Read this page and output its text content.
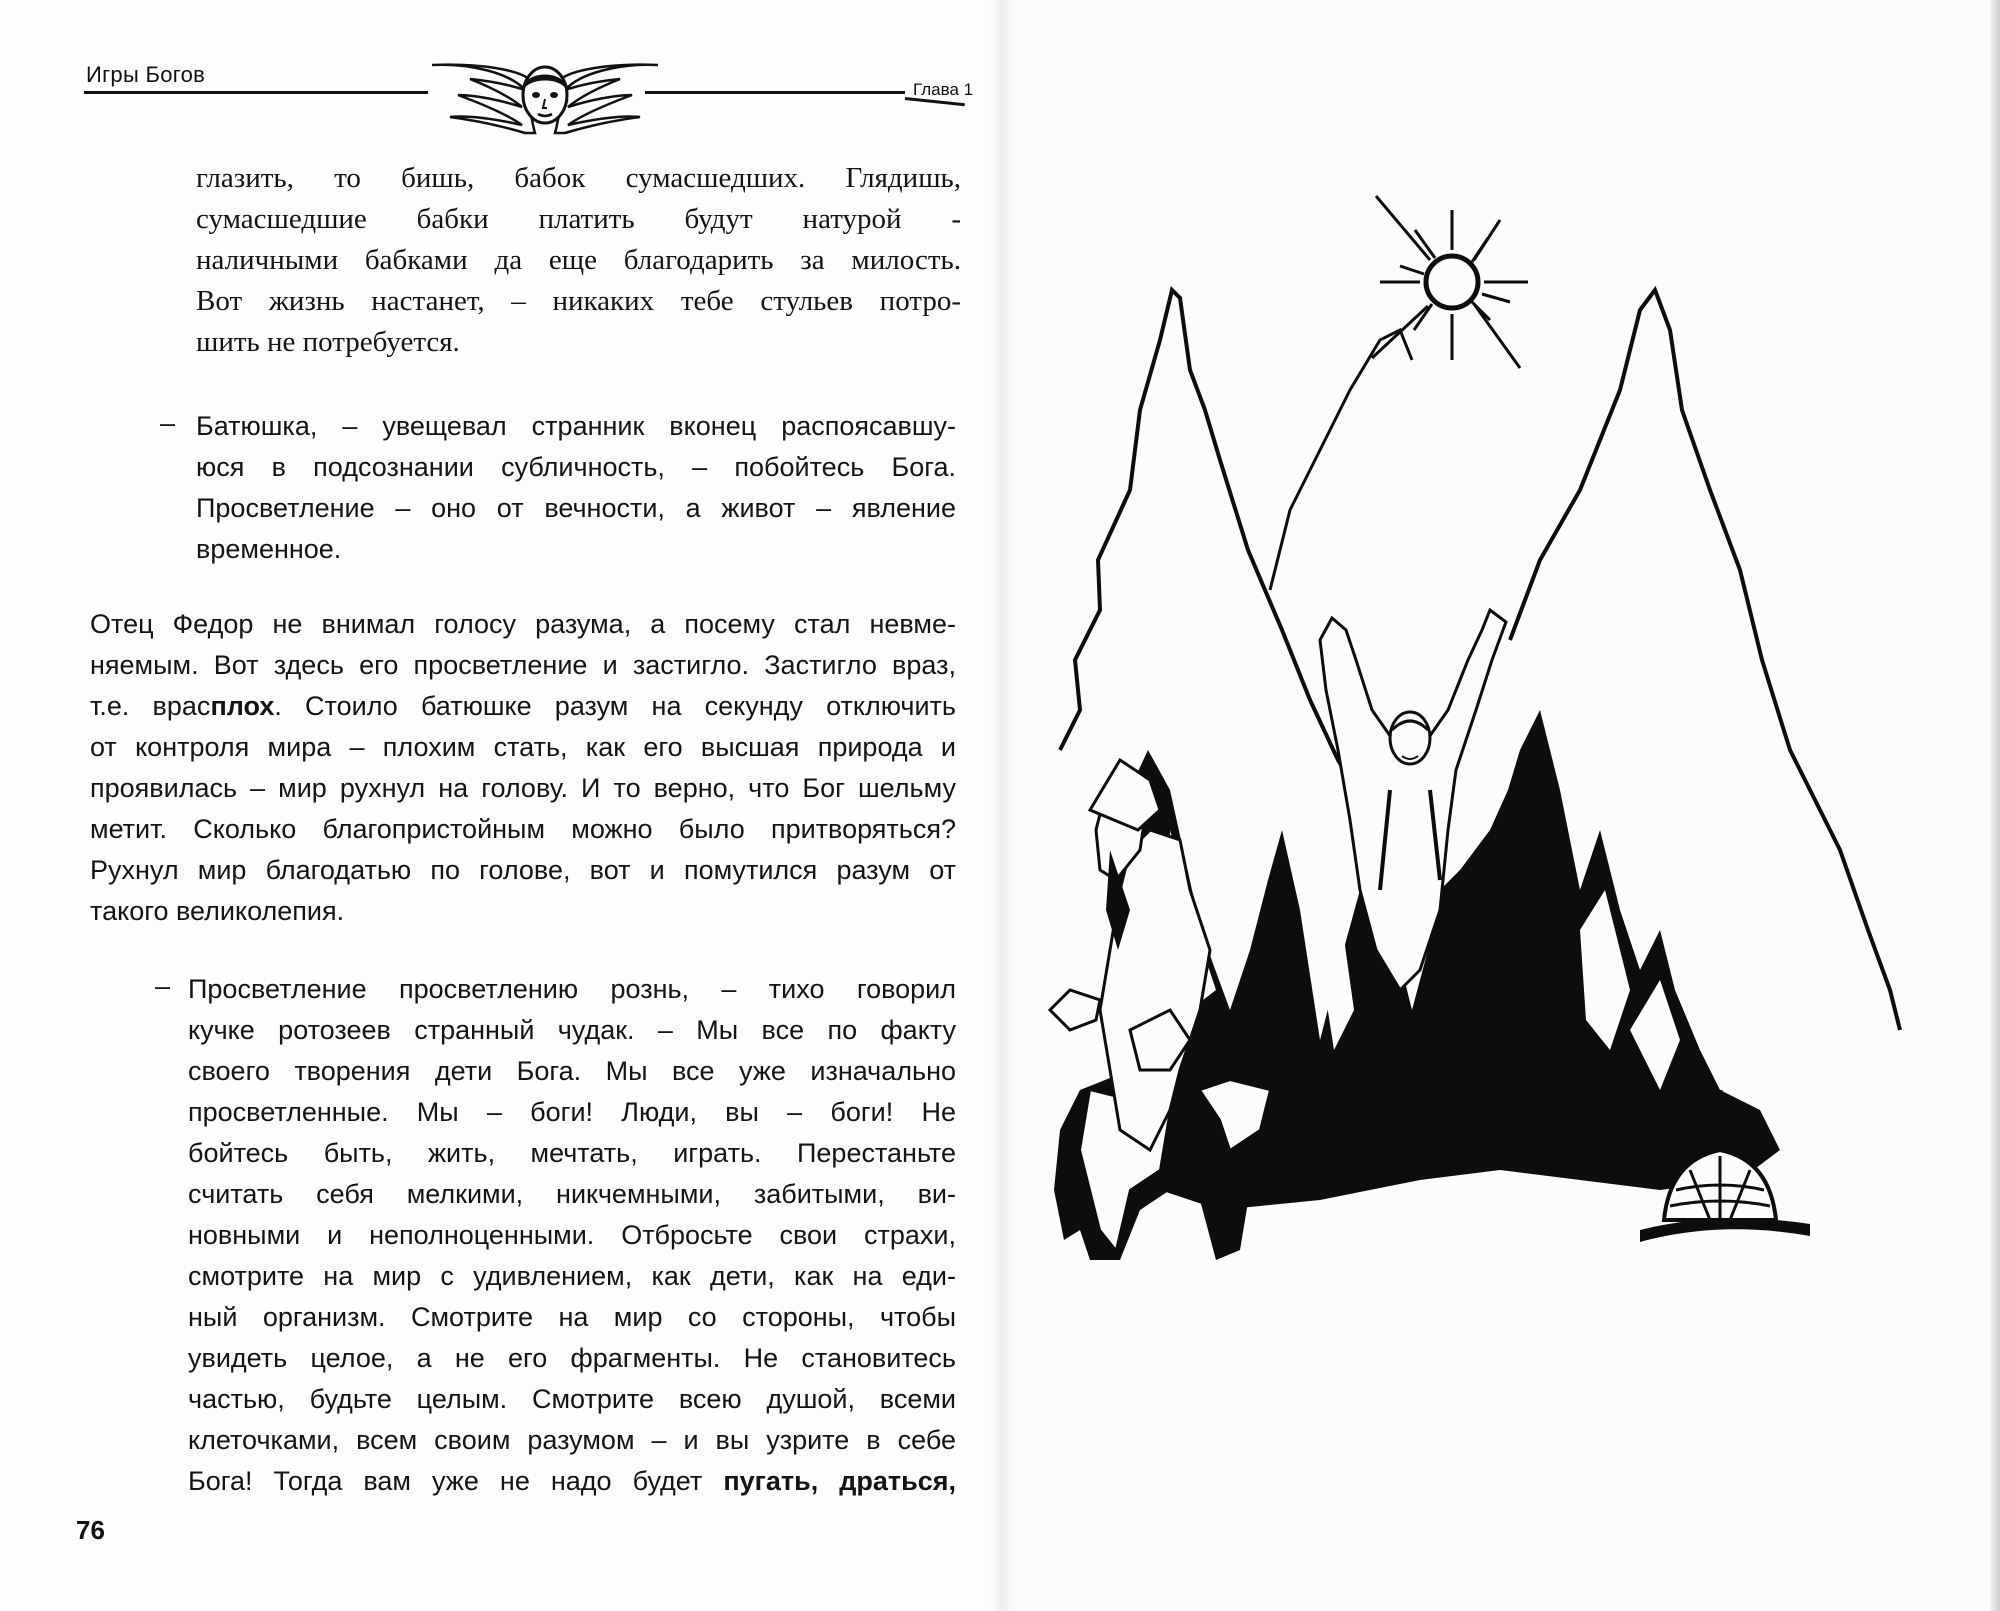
Игры Богов
Глава 1
глазить, то бишь, бабок сумасшедших. Глядишь,
сумасшедшие бабки платить будут натурой -
наличными бабками да еще благодарить за милость.
Вот жизнь настанет, – никаких тебе стульев потро-
шить не потребуется.
– Батюшка, – увещевал странник вконец распоясавшу-
юся в подсознании субличность, – побойтесь Бога.
Просветление – оно от вечности, а живот – явление
временное.
Отец Федор не внимал голосу разума, а посему стал невме-
няемым. Вот здесь его просветление и застигло. Застигло враз,
т.е. врасплох. Стоило батюшке разум на секунду отключить
от контроля мира – плохим стать, как его высшая природа и
проявилась – мир рухнул на голову. И то верно, что Бог шельму
метит. Сколько благопристойным можно было притворяться?
Рухнул мир благодатью по голове, вот и помутился разум от
такого великолепия.
– Просветление просветлению рознь, – тихо говорил
кучке ротозеев странный чудак. – Мы все по факту
своего творения дети Бога. Мы все уже изначально
просветленные. Мы – боги! Люди, вы – боги! Не
бойтесь быть, жить, мечтать, играть. Перестаньте
считать себя мелкими, никчемными, забитыми, ви-
новными и неполноценными. Отбросьте свои страхи,
смотрите на мир с удивлением, как дети, как на еди-
ный организм. Смотрите на мир со стороны, чтобы
увидеть целое, а не его фрагменты. Не становитесь
частью, будьте целым. Смотрите всею душой, всеми
клеточками, всем своим разумом – и вы узрите в себе
Бога! Тогда вам уже не надо будет пугать, драться,
76
